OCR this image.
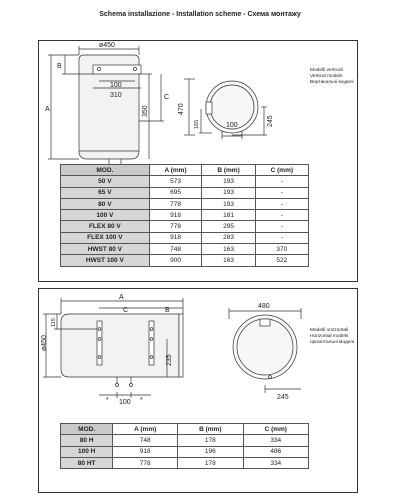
Schema installazione - Installation scheme - Схема монтажу
ø450
B
A
100
310
350
C
470
165	100	245
Modelli verticali
Vertical models
Вертикальні моделі
MOD.	A (mm)	B (mm)	C (mm)
50 V	573	193	-
65 V	695	193	-
80 V	778	193	-
100 V	918	181	-
FLEX 80 V	778	295	-
FLEX 100 V	918	283	-
HWST 80 V	748	163	370
HWST 100 V	900	163	522
A
C	B
115
ø450
235
100
*	*
480
245
Modelli orizzontali
Horizontal models
орізонтальні моделі
MOD.	A (mm)	B (mm)	C (mm)
80 H	748	178	334
100 H	918	196	486
80 HT	778	178	334
